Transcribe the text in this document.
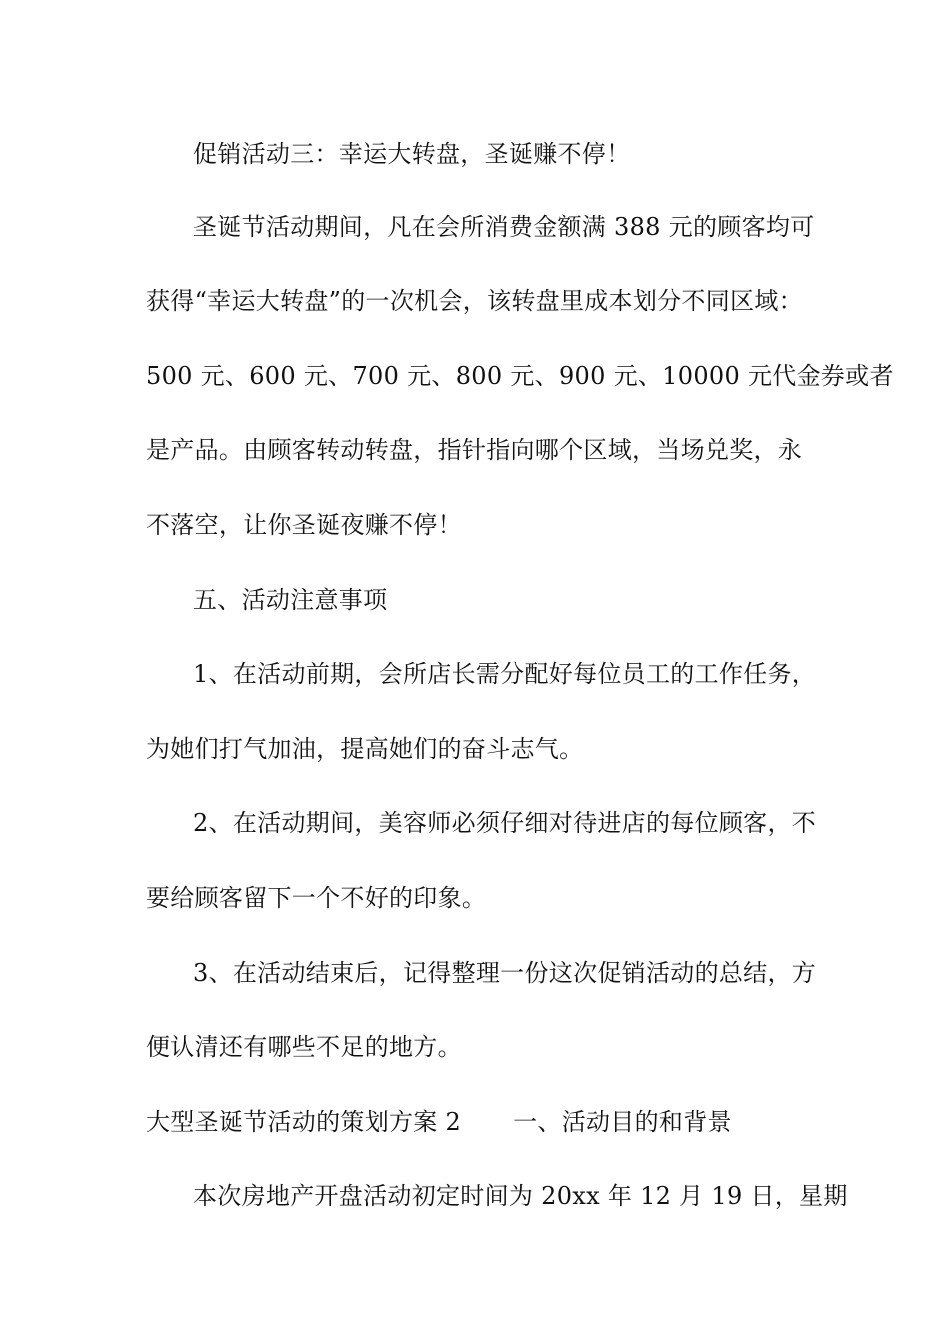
促销活动三：幸运大转盘，圣诞赚不停！
圣诞节活动期间，凡在会所消费金额满 388 元的顾客均可
获得“幸运大转盘”的一次机会，该转盘里成本划分不同区域：
500 元、600 元、700 元、800 元、900 元、10000 元代金券或者
是产品。由顾客转动转盘，指针指向哪个区域，当场兑奖，永
不落空，让你圣诞夜赚不停！
五、活动注意事项
1、在活动前期，会所店长需分配好每位员工的工作任务，
为她们打气加油，提高她们的奋斗志气。
2、在活动期间，美容师必须仔细对待进店的每位顾客，不
要给顾客留下一个不好的印象。
3、在活动结束后，记得整理一份这次促销活动的总结，方
便认清还有哪些不足的地方。
大型圣诞节活动的策划方案 2 一、活动目的和背景
本次房地产开盘活动初定时间为 20xx 年 12 月 19 日，星期
